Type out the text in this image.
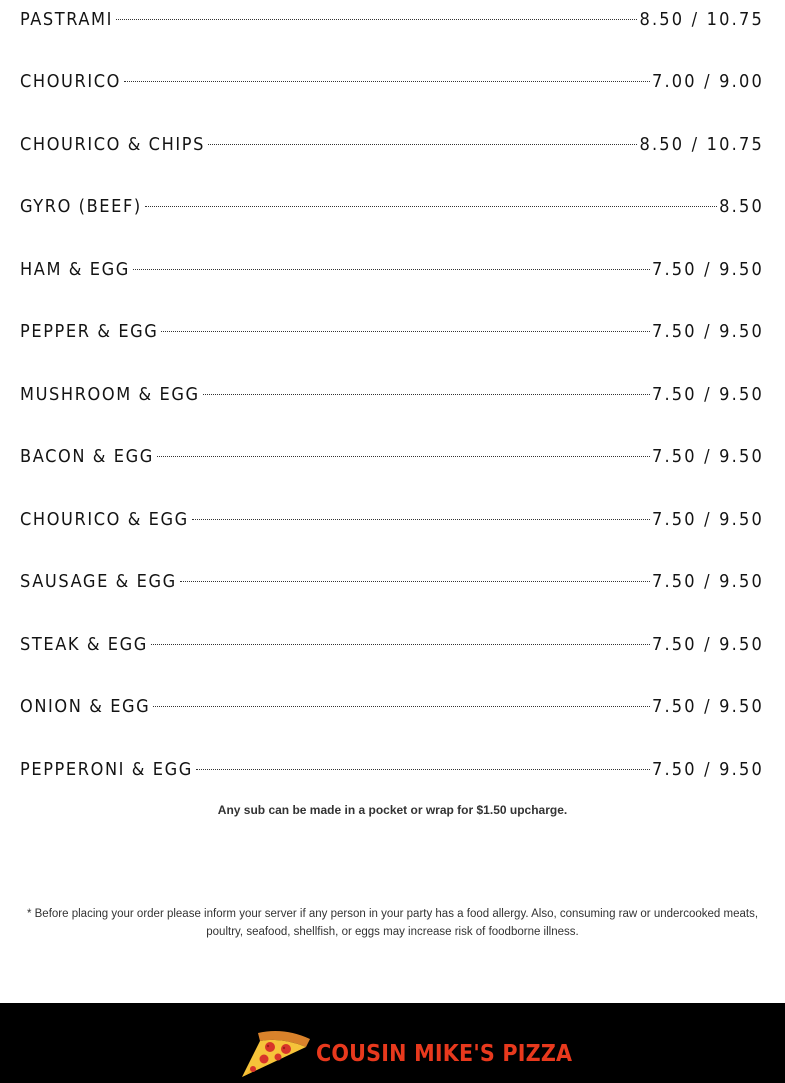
PASTRAMI	8.50 / 10.75
CHOURICO	7.00 / 9.00
CHOURICO & CHIPS	8.50 / 10.75
GYRO (BEEF)	8.50
HAM & EGG	7.50 / 9.50
PEPPER & EGG	7.50 / 9.50
MUSHROOM & EGG	7.50 / 9.50
BACON & EGG	7.50 / 9.50
CHOURICO & EGG	7.50 / 9.50
SAUSAGE & EGG	7.50 / 9.50
STEAK & EGG	7.50 / 9.50
ONION & EGG	7.50 / 9.50
PEPPERONI & EGG	7.50 / 9.50
Any sub can be made in a pocket or wrap for $1.50 upcharge.
* Before placing your order please inform your server if any person in your party has a food allergy. Also, consuming raw or undercooked meats, poultry, seafood, shellfish, or eggs may increase risk of foodborne illness.
COUSIN MIKE'S PIZZA
